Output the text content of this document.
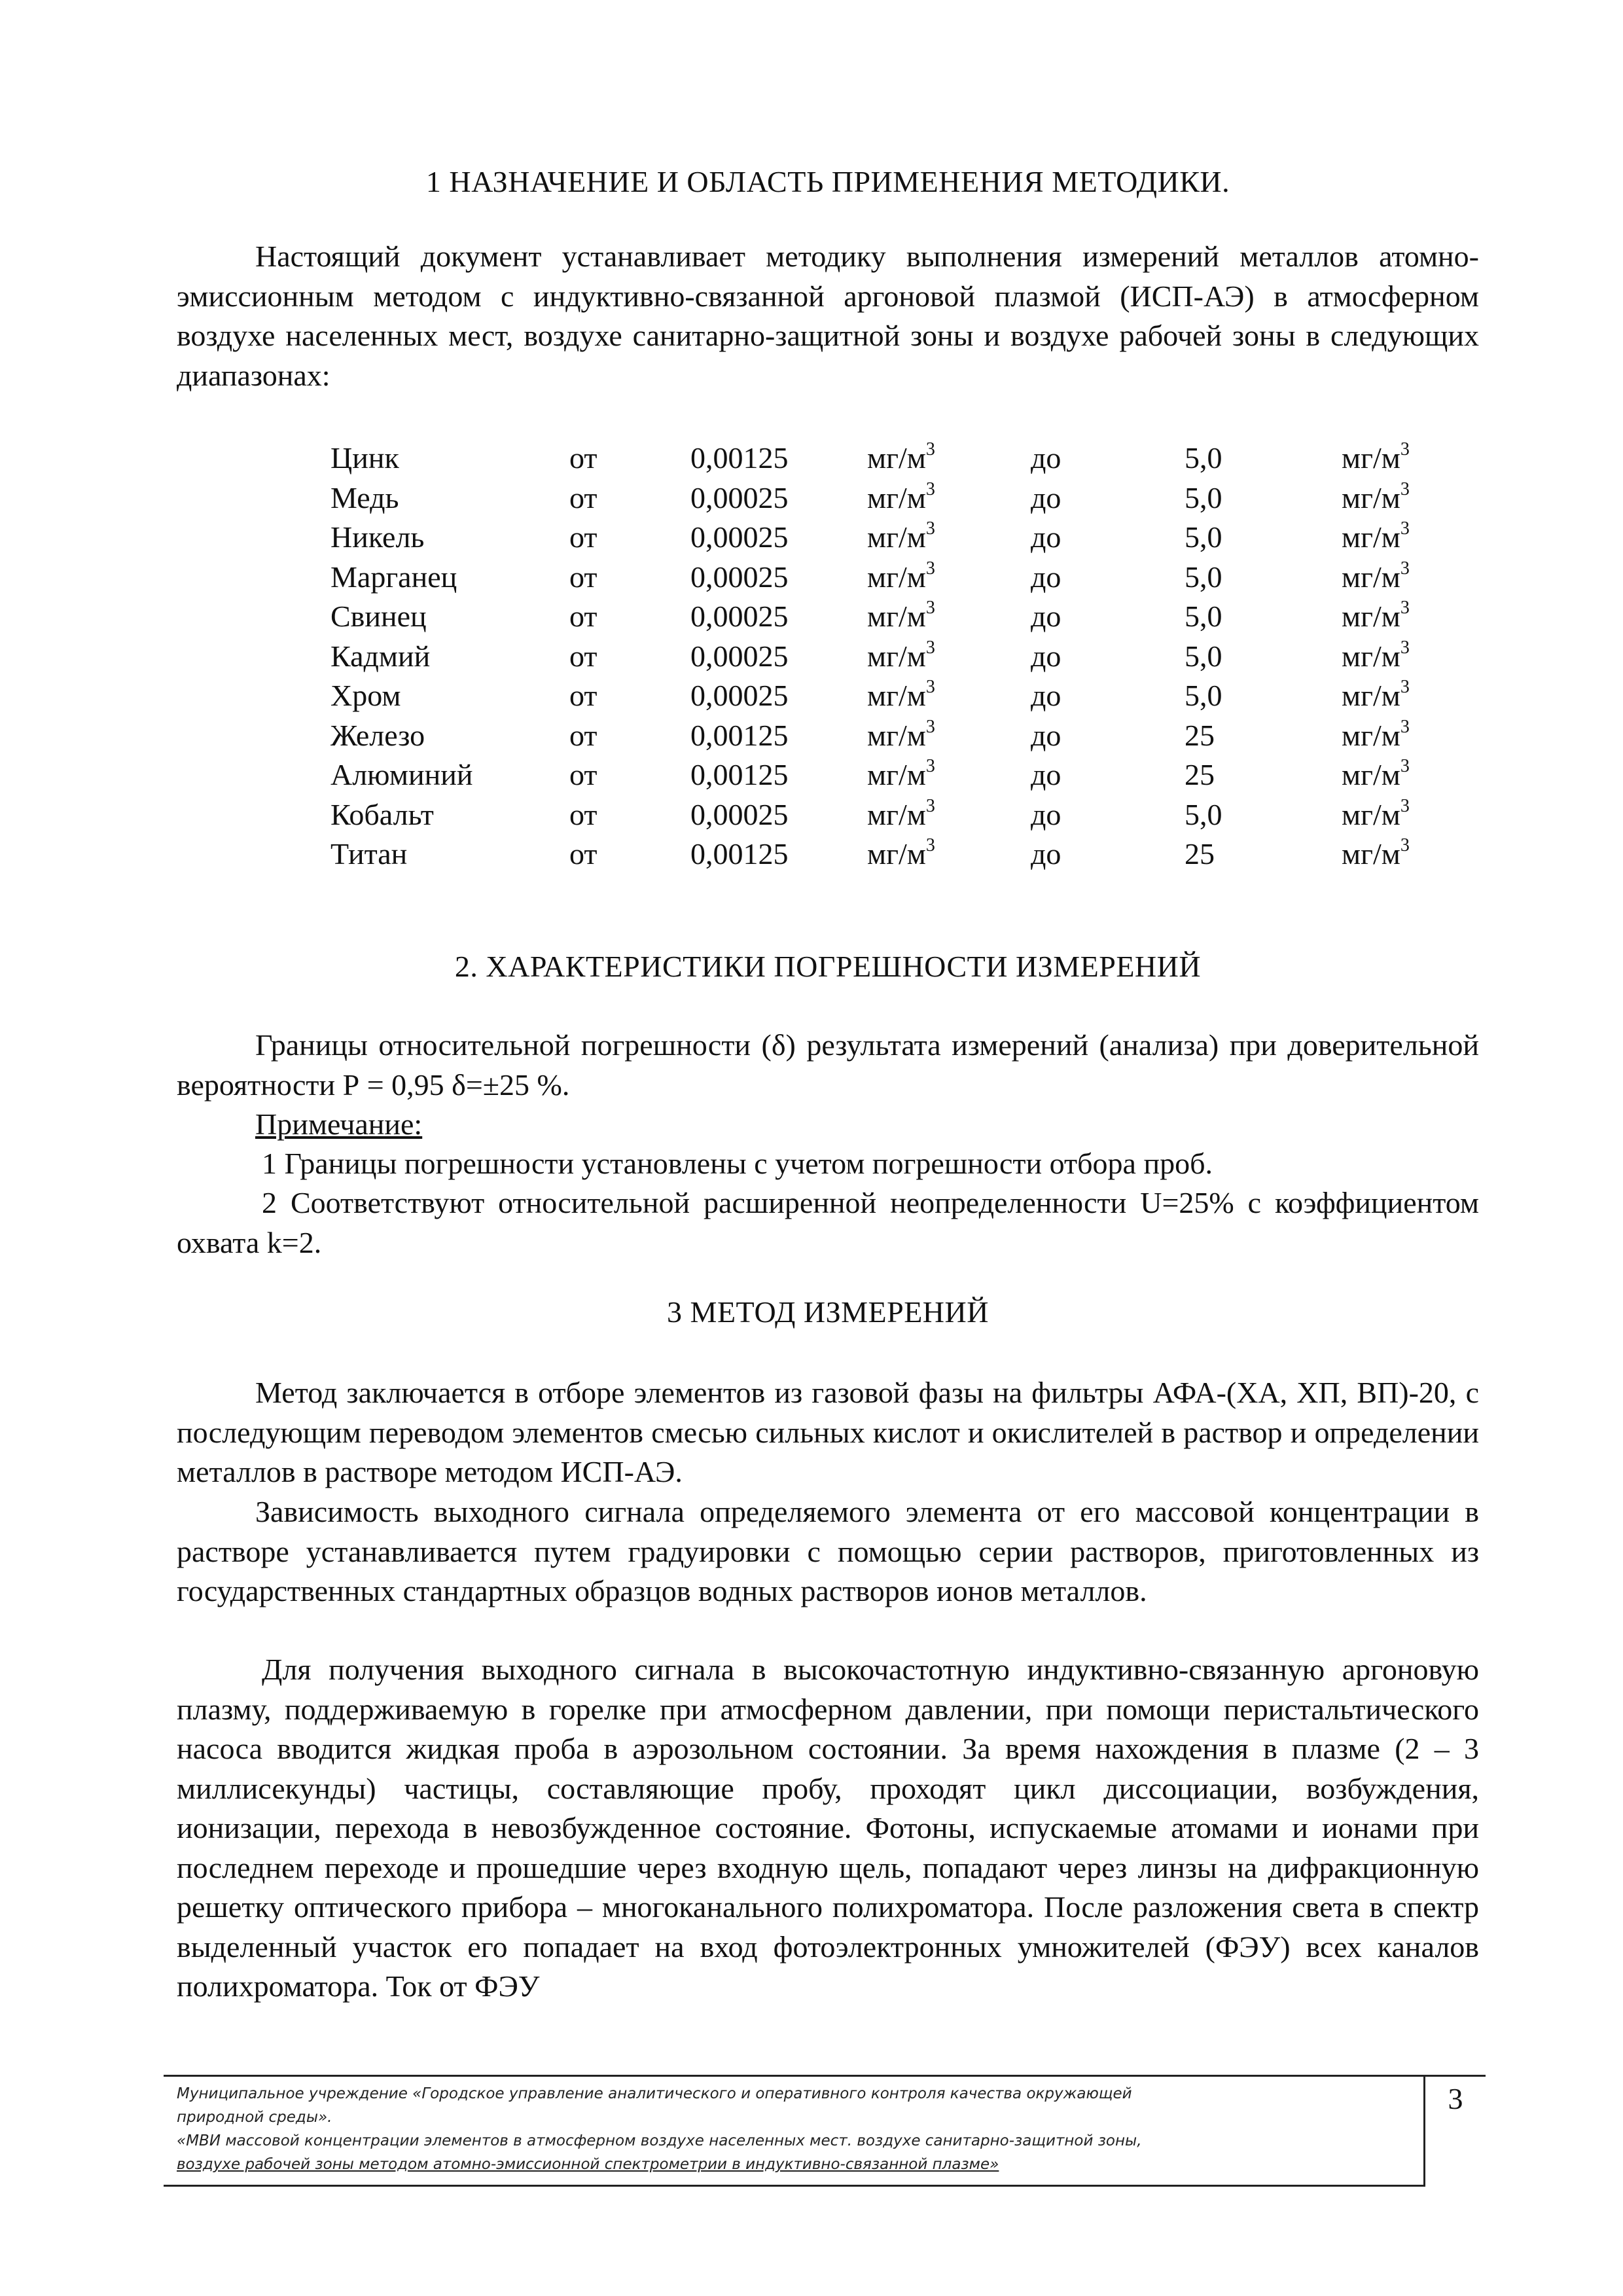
1 НАЗНАЧЕНИЕ И ОБЛАСТЬ ПРИМЕНЕНИЯ МЕТОДИКИ.

Настоящий документ устанавливает методику выполнения измерений металлов атомно-эмиссионным методом с индуктивно-связанной аргоновой плазмой (ИСП-АЭ) в атмосферном воздухе населенных мест, воздухе санитарно-защитной зоны и воздухе рабочей зоны в следующих диапазонах:

Цинк	от	0,00125	$мг/м^3$	до	5,0	$мг/м^3$
Медь	от	0,00025	$мг/м^3$	до	5,0	$мг/м^3$
Никель	от	0,00025	$мг/м^3$	до	5,0	$мг/м^3$
Марганец	от	0,00025	$мг/м^3$	до	5,0	$мг/м^3$
Свинец	от	0,00025	$мг/м^3$	до	5,0	$мг/м^3$
Кадмий	от	0,00025	$мг/м^3$	до	5,0	$мг/м^3$
Хром	от	0,00025	$мг/м^3$	до	5,0	$мг/м^3$
Железо	от	0,00125	$мг/м^3$	до	25	$мг/м^3$
Алюминий	от	0,00125	$мг/м^3$	до	25	$мг/м^3$
Кобальт	от	0,00025	$мг/м^3$	до	5,0	$мг/м^3$
Титан	от	0,00125	$мг/м^3$	до	25	$мг/м^3$
2. ХАРАКТЕРИСТИКИ ПОГРЕШНОСТИ ИЗМЕРЕНИЙ

Границы относительной погрешности (δ) результата измерений (анализа) при доверительной вероятности Р = 0,95 δ=±25 %.

Примечание:

1 Границы погрешности установлены с учетом погрешности отбора проб.

2 Соответствуют относительной расширенной неопределенности U=25% с коэффициентом охвата k=2.

3 МЕТОД ИЗМЕРЕНИЙ

Метод заключается в отборе элементов из газовой фазы на фильтры АФА-(ХА, ХП, ВП)-20, с последующим переводом элементов смесью сильных кислот и окислителей в раствор и определении металлов в растворе методом ИСП-АЭ.

Зависимость выходного сигнала определяемого элемента от его массовой концентрации в растворе устанавливается путем градуировки с помощью серии растворов, приготовленных из государственных стандартных образцов водных растворов ионов металлов.

Для получения выходного сигнала в высокочастотную индуктивно-связанную аргоновую плазму, поддерживаемую в горелке при атмосферном давлении, при помощи перистальтического насоса вводится жидкая проба в аэрозольном состоянии. За время нахождения в плазме (2 – 3 миллисекунды) частицы, составляющие пробу, проходят цикл диссоциации, возбуждения, ионизации, перехода в невозбужденное состояние. Фотоны, испускаемые атомами и ионами при последнем переходе и прошедшие через входную щель, попадают через линзы на дифракционную решетку оптического прибора – многоканального полихроматора. После разложения света в спектр выделенный участок его попадает на вход фотоэлектронных умножителей (ФЭУ) всех каналов полихроматора. Ток от ФЭУ

Муниципальное учреждение «Городское управление аналитического и оперативного контроля качества окружающей
природной среды».
«МВИ массовой концентрации элементов в атмосферном воздухе населенных мест. воздухе санитарно-защитной зоны,
воздухе рабочей зоны методом атомно-эмиссионной спектрометрии в индуктивно-связанной плазме»
3
